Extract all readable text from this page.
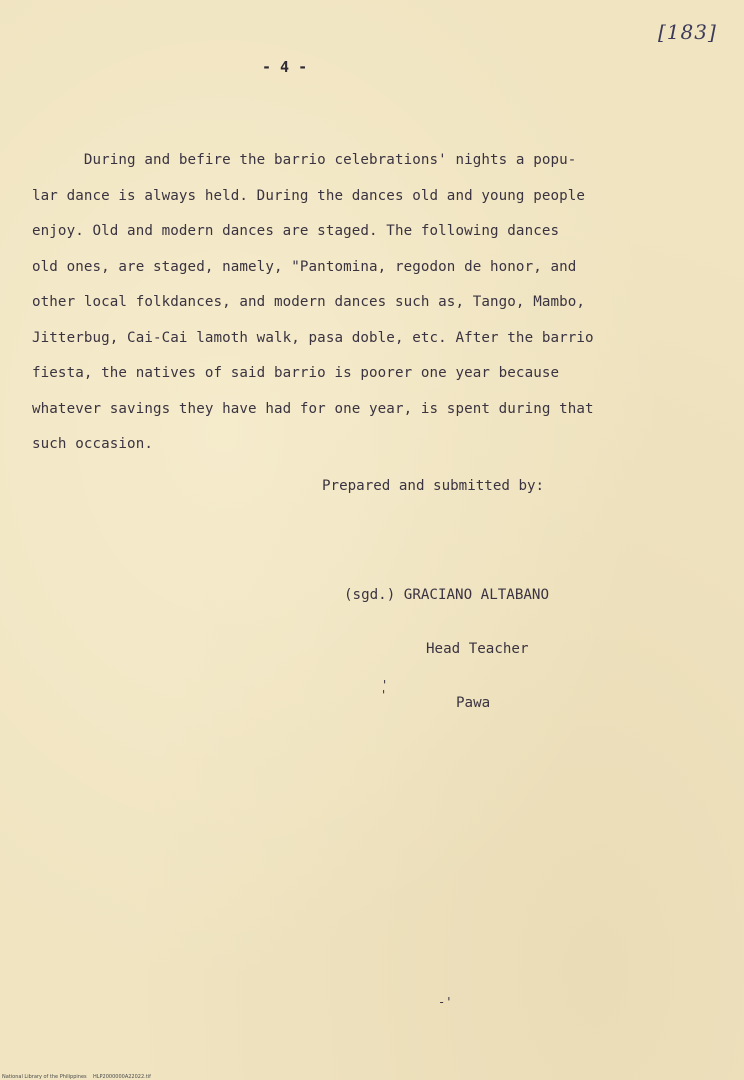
[183]
- 4 -
During and befire the barrio celebrations' nights a popu-
lar dance is always held. During the dances old and young people
enjoy. Old and modern dances are staged. The following dances
old ones, are staged, namely, "Pantomina, regodon de honor, and
other local folkdances, and modern dances such as, Tango, Mambo,
Jitterbug, Cai-Cai lamoth walk, pasa doble, etc. After the barrio
fiesta, the natives of said barrio is poorer one year because
whatever savings they have had for one year, is spent during that
such occasion.
Prepared and submitted by:

(sgd.) GRACIANO ALTABANO

Head Teacher

Pawa

'
'
-'
National Library of the Philippines    HLP2000000A22022.tif
